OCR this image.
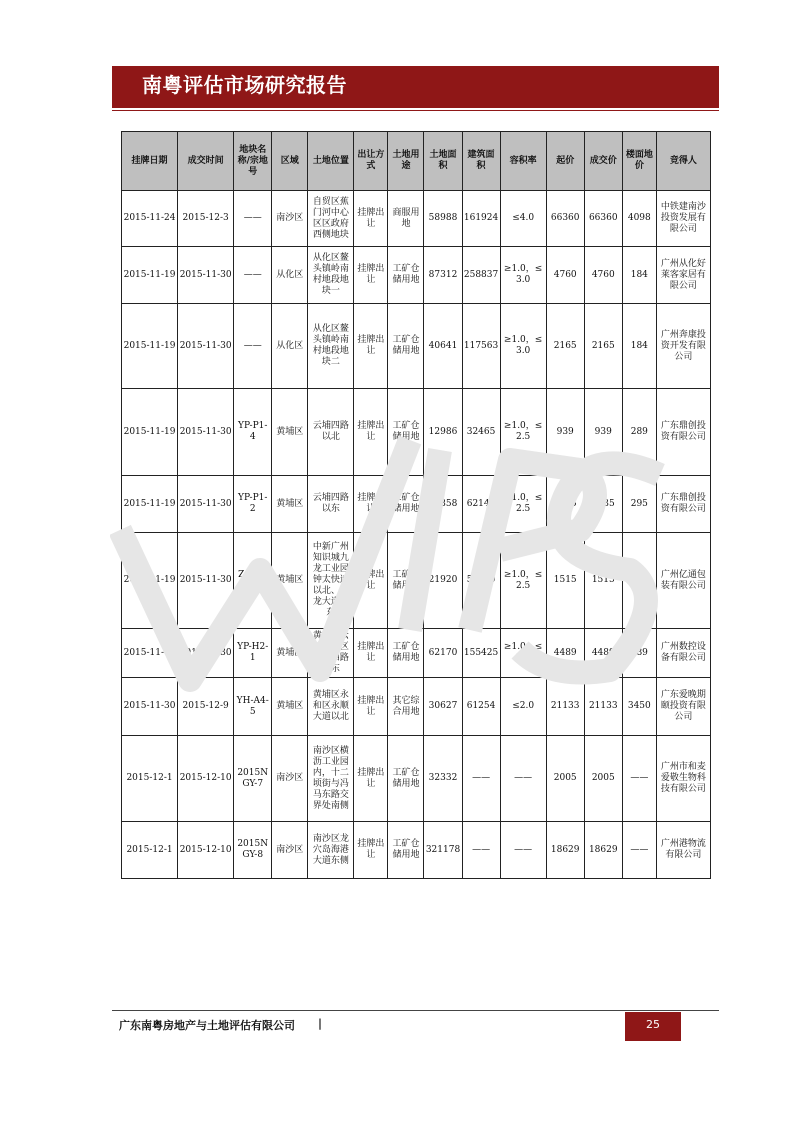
南粤评估市场研究报告
挂牌日期	成交时间	地块名称/宗地号	区域	土地位置	出让方式	土地用途	土地面积	建筑面积	容积率	起价	成交价	楼面地价	竞得人
2015-11-24	2015-12-3	——	南沙区	自贸区蕉门河中心区区政府西侧地块	挂牌出让	商服用地	58988	161924	≤4.0	66360	66360	4098	中铁建南沙投资发展有限公司
2015-11-19	2015-11-30	——	从化区	从化区鳌头镇岭南村地段地块一	挂牌出让	工矿仓储用地	87312	258837	≥1.0，≤3.0	4760	4760	184	广州从化好莱客家居有限公司
2015-11-19	2015-11-30	——	从化区	从化区鳌头镇岭南村地段地块二	挂牌出让	工矿仓储用地	40641	117563	≥1.0，≤3.0	2165	2165	184	广州奔康投资开发有限公司
2015-11-19	2015-11-30	YP-P1-4	黄埔区	云埔四路以北	挂牌出让	工矿仓储用地	12986	32465	≥1.0，≤2.5	939	939	289	广东鼎创投资有限公司
2015-11-19	2015-11-30	YP-P1-2	黄埔区	云埔四路以东	挂牌出让	工矿仓储用地	24858	62145	≥1.0，≤2.5	1835	1835	295	广东鼎创投资有限公司
2015-11-19	2015-11-30	ZSCB-A4-1	黄埔区	中新广州知识城九龙工业园钟太快速以北、九龙大道以东	挂牌出让	工矿仓储用地	21920	54800	≥1.0，≤2.5	1515	1515	276	广州亿通包装有限公司
2015-11-19	2015-11-30	YP-H2-1	黄埔区	黄埔区云埔工业区云埔四路以东	挂牌出让	工矿仓储用地	62170	155425	≥1.0，≤2.5	4489	4489	289	广州数控设备有限公司
2015-11-30	2015-12-9	YH-A4-5	黄埔区	黄埔区永和区永顺大道以北	挂牌出让	其它综合用地	30627	61254	≤2.0	21133	21133	3450	广东爱晚期颐投资有限公司
2015-12-1	2015-12-10	2015NGY-7	南沙区	南沙区横沥工业园内，十二顷街与冯马东路交界处南侧	挂牌出让	工矿仓储用地	32332	——	——	2005	2005	——	广州市和麦爱敬生物科技有限公司
2015-12-1	2015-12-10	2015NGY-8	南沙区	南沙区龙穴岛海港大道东侧	挂牌出让	工矿仓储用地	321178	——	——	18629	18629	——	广州港物流有限公司
广东南粤房地产与土地评估有限公司 |	25
